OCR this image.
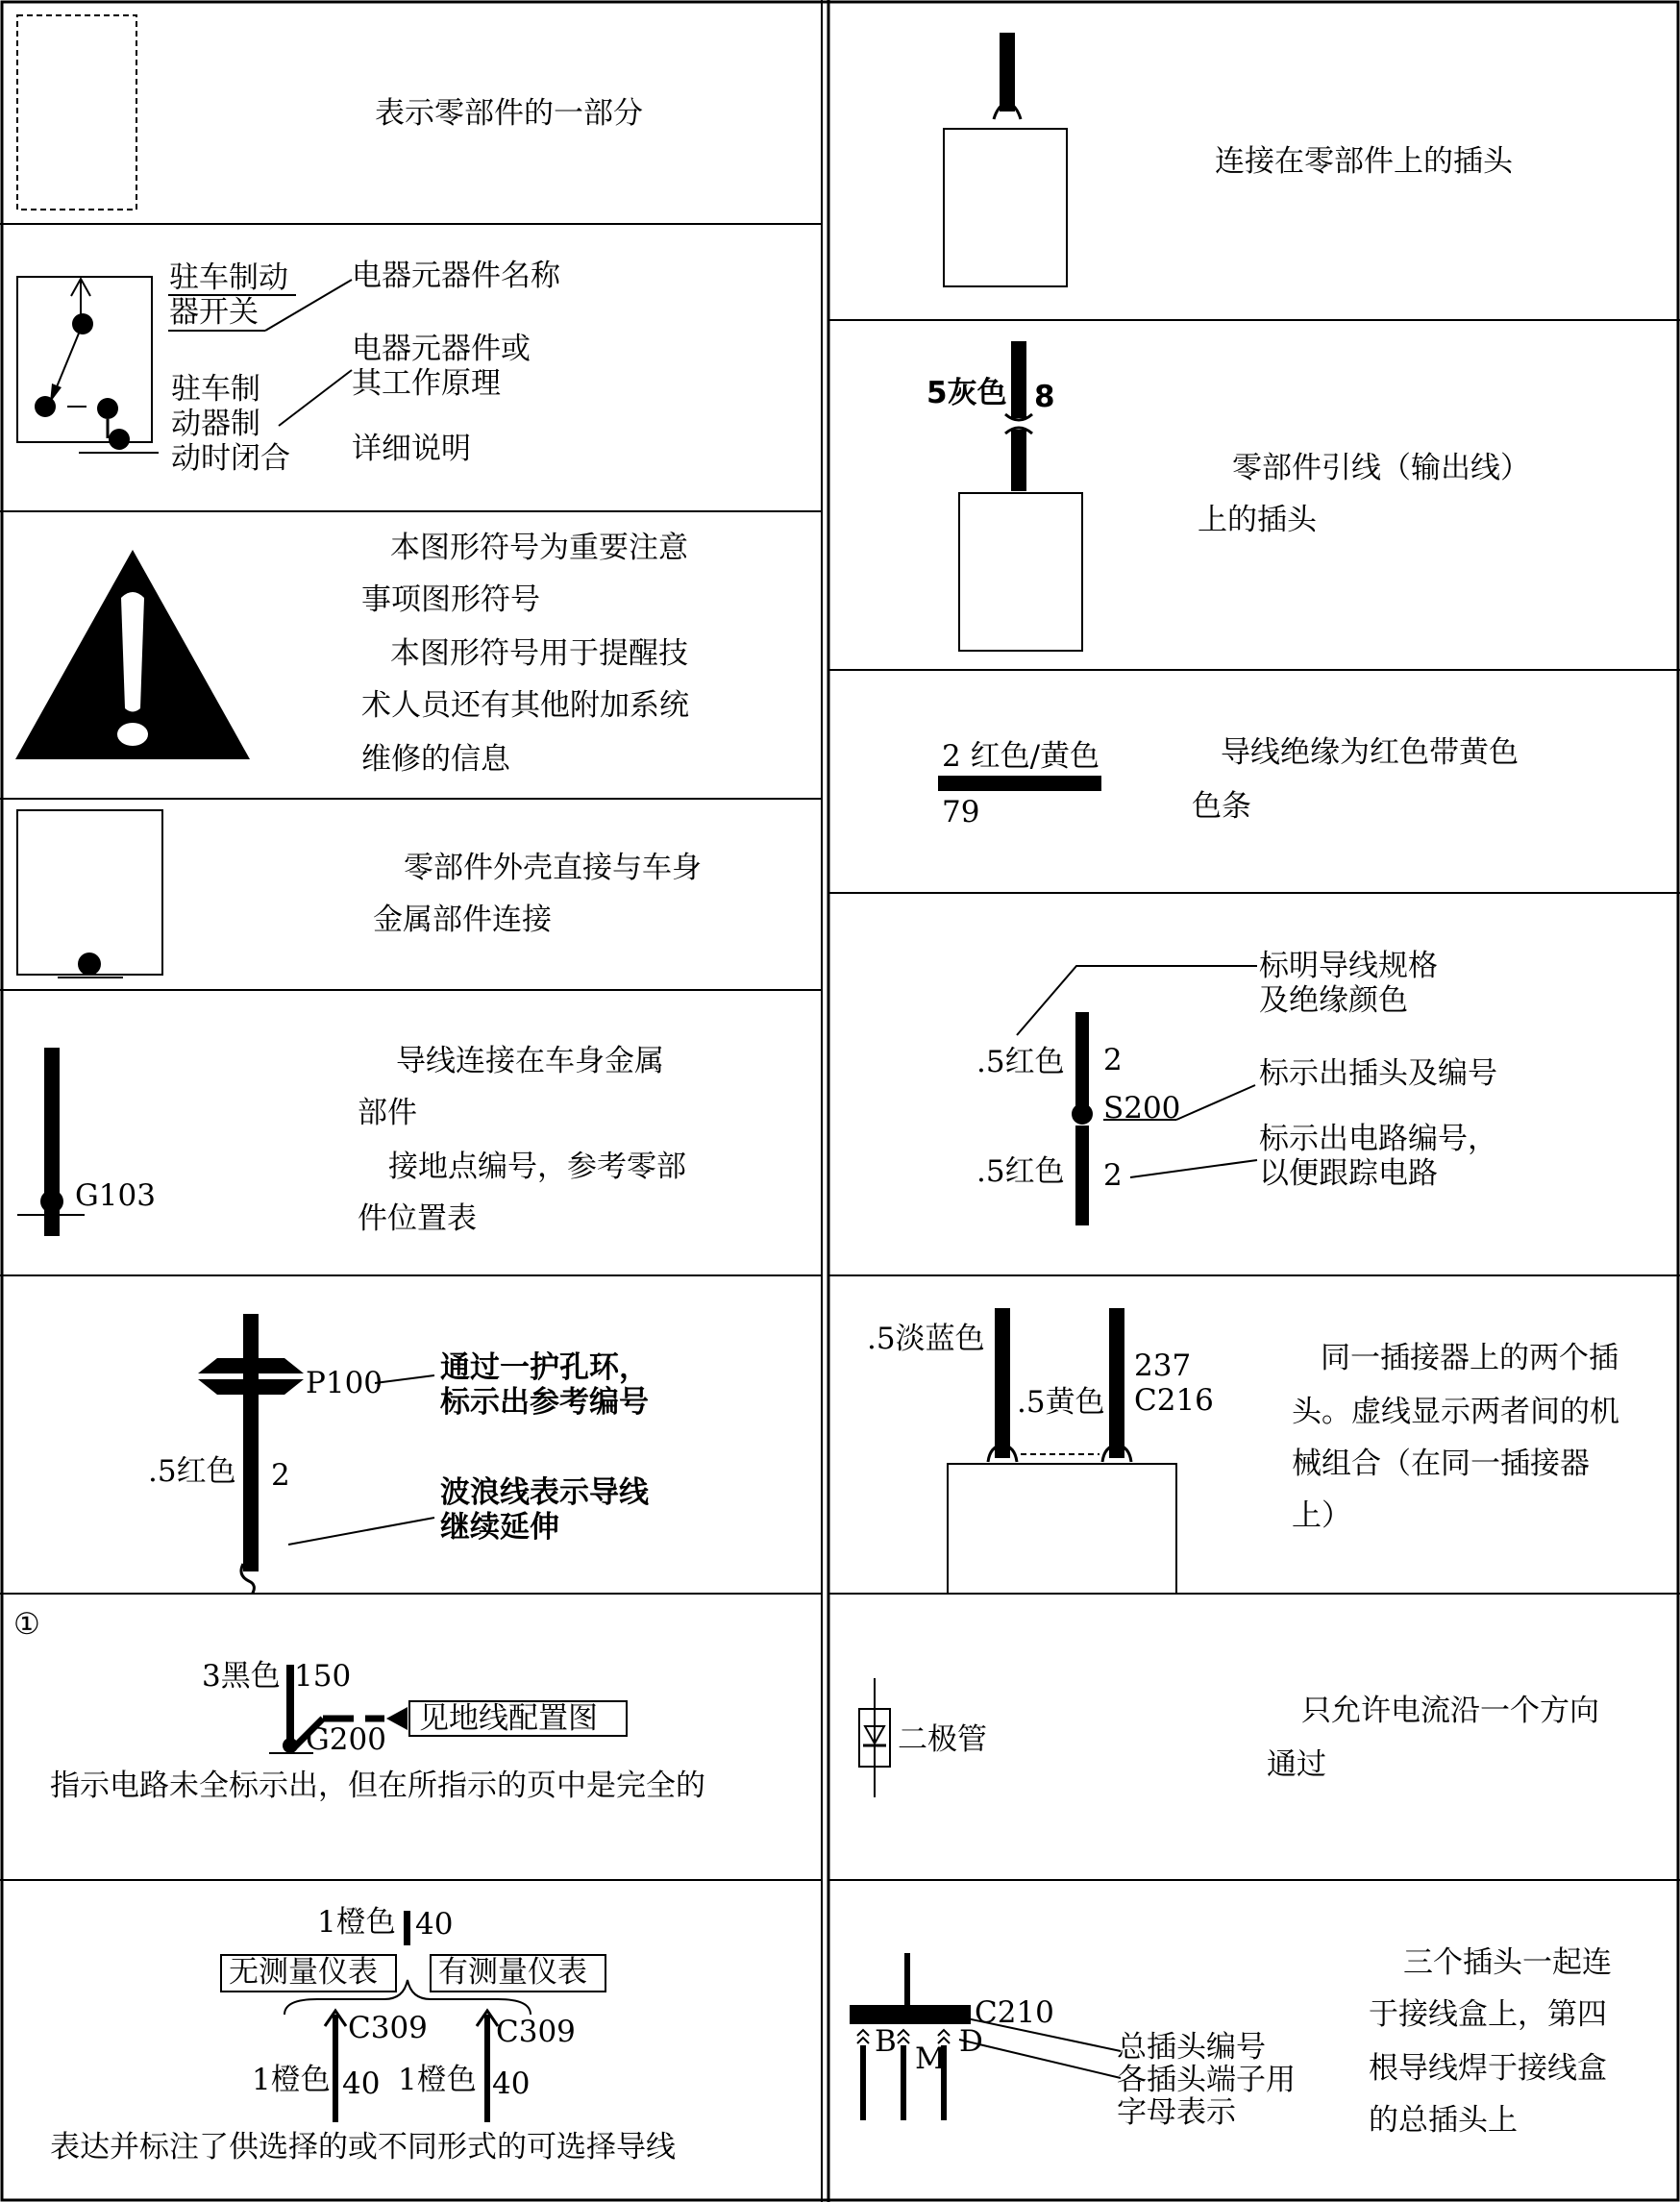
表示零部件的一部分
驻车制动
器开关
电器元器件名称
电器元器件或
其工作原理
详细说明
驻车制
动器制
动时闭合
本图形符号为重要注意
事项图形符号
本图形符号用于提醒技
术人员还有其他附加系统
维修的信息
零部件外壳直接与车身
金属部件连接
G103
导线连接在车身金属
部件
接地点编号，参考零部
件位置表
P100 通过一护孔环，
标示出参考编号
.5红色 2	波浪线表示导线
继续延伸
①
3黑色 150
G200
见地线配置图
指示电路未全标示出，但在所指示的页中是完全的
1橙色 40
无测量仪表 有测量仪表
C309 C309
1橙色 40 1橙色 40
表达并标注了供选择的或不同形式的可选择导线
连接在零部件上的插头
5灰色 8
零部件引线（输出线）
上的插头
2 红色/黄色
79
导线绝缘为红色带黄色
色条
标明导线规格
及绝缘颜色
.5红色 2	标示出插头及编号
S200
标示出电路编号，
以便跟踪电路
.5红色 2
.5淡蓝色
.5黄色
237
C216
同一插接器上的两个插
头。虚线显示两者间的机
械组合（在同一插接器
上）
二极管
只允许电流沿一个方向
通过
C210
B M D	总插头编号
各插头端子用
字母表示
三个插头一起连
于接线盒上，第四
根导线焊于接线盒
的总插头上
